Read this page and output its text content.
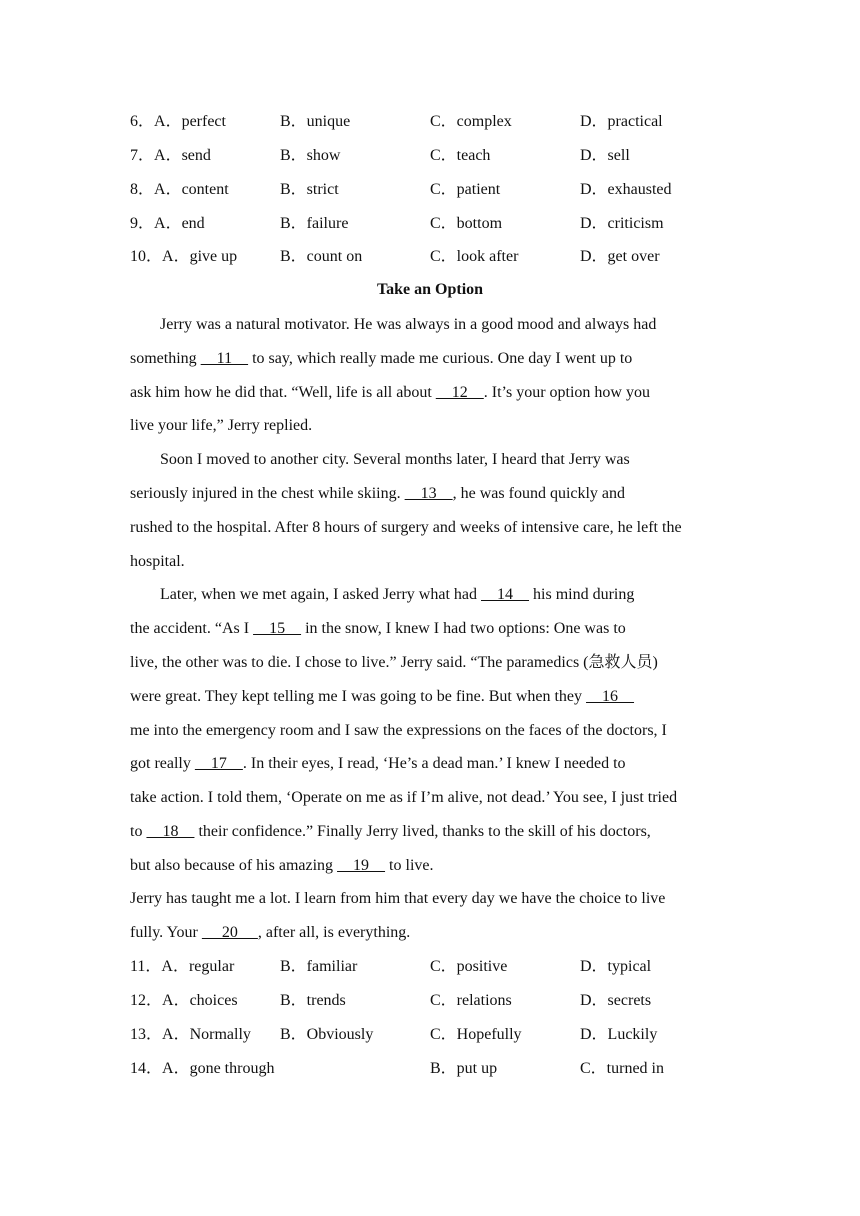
6．A．perfect	B．unique	C．complex	D．practical
7．A．send	B．show	C．teach	D．sell
8．A．content	B．strict	C．patient	D．exhausted
9．A．end	B．failure	C．bottom	D．criticism
10．A．give up	B．count on	C．look after	D．get over
Take an Option
Jerry was a natural motivator. He was always in a good mood and always had
something     11     to say, which really made me curious. One day I went up to
ask him how he did that. “Well, life is all about     12    . It’s your option how you
live your life,” Jerry replied.
Soon I moved to another city. Several months later, I heard that Jerry was
seriously injured in the chest while skiing.     13    , he was found quickly and
rushed to the hospital. After 8 hours of surgery and weeks of intensive care, he left the
hospital.
Later, when we met again, I asked Jerry what had     14     his mind during
the accident. “As I     15     in the snow, I knew I had two options: One was to
live, the other was to die. I chose to live.” Jerry said. “The paramedics (急救人员)
were great. They kept telling me I was going to be fine. But when they     16
me into the emergency room and I saw the expressions on the faces of the doctors, I
got really     17    . In their eyes, I read, ‘He’s a dead man.’ I knew I needed to
take action. I told them, ‘Operate on me as if I’m alive, not dead.’ You see, I just tried
to     18     their confidence.” Finally Jerry lived, thanks to the skill of his doctors,
but also because of his amazing     19     to live.
Jerry has taught me a lot. I learn from him that every day we have the choice to live
fully. Your      20     , after all, is everything.
11．A．regular	B．familiar	C．positive	D．typical
12．A．choices	B．trends	C．relations	D．secrets
13．A．Normally B．Obviously	C．Hopefully	D．Luckily
14．A．gone through	B．put up	C．turned in
